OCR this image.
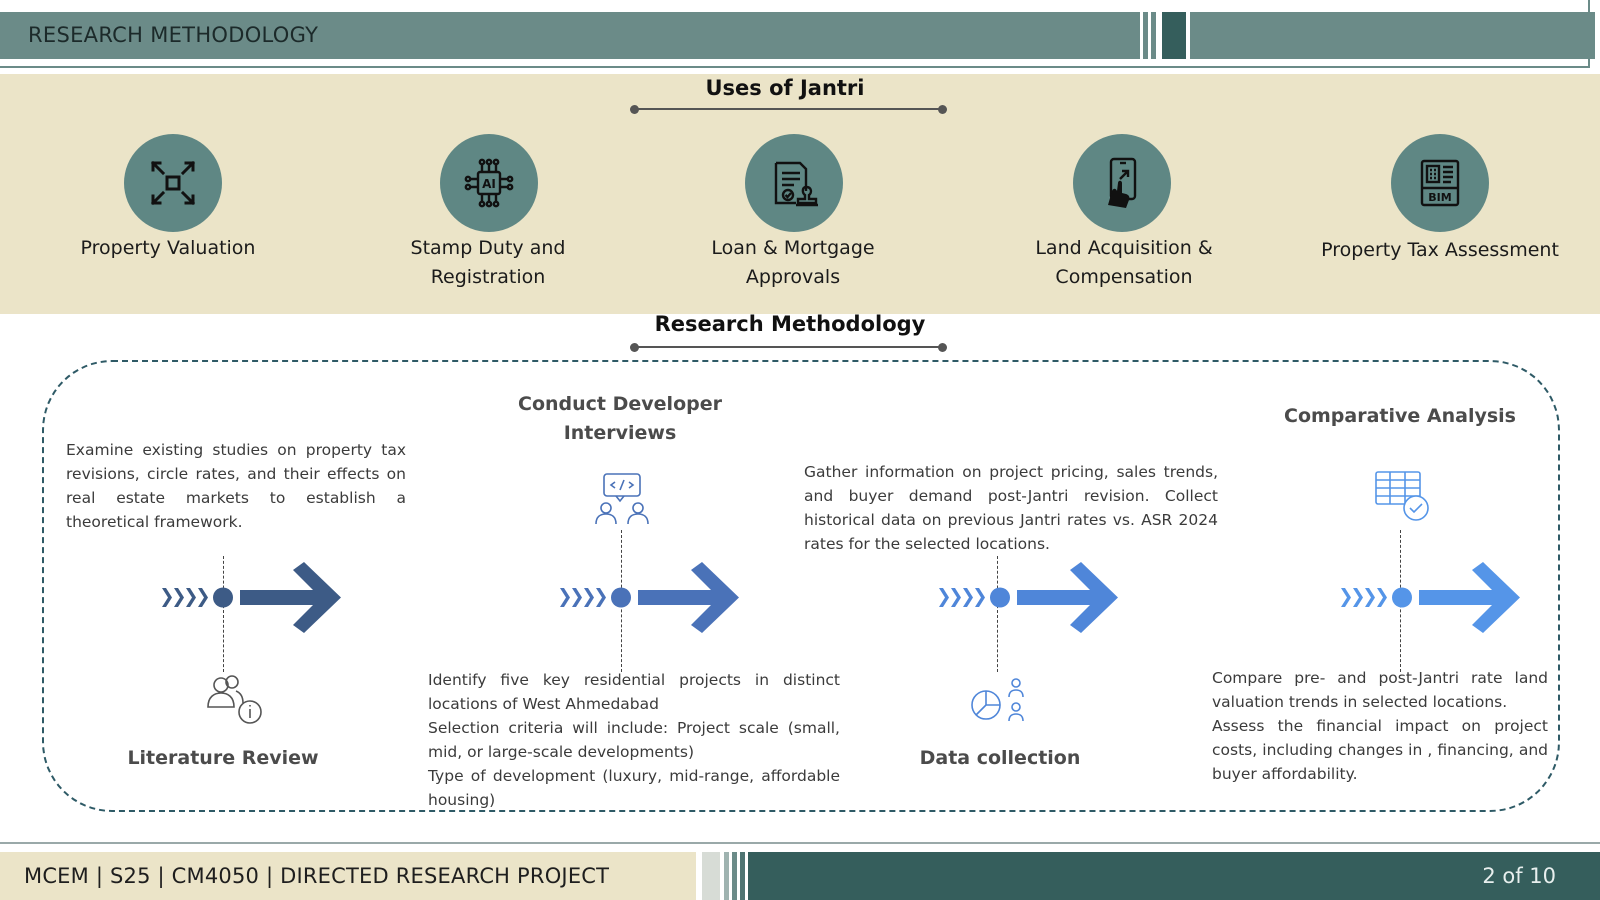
RESEARCH METHODOLOGY
Uses of Jantri
Property Valuation
AI
Stamp Duty and
Registration
Loan & Mortgage
Approvals
Land Acquisition &
Compensation
BIM
Property Tax Assessment
Research Methodology

Examine existing studies on property tax revisions, circle rates, and their effects on real estate markets to establish a theoretical framework.

Literature Review
Conduct Developer
Interviews

Identify five key residential projects in distinct locations of West Ahmedabad

Selection criteria will include: Project scale (small, mid, or large-scale developments)

Type of development (luxury, mid-range, affordable housing)

Gather information on project pricing, sales trends, and buyer demand post-Jantri revision. Collect historical data on previous Jantri rates vs. ASR 2024 rates for the selected locations.

Data collection
Comparative Analysis

Compare pre- and post-Jantri rate land valuation trends in selected locations.

Assess the financial impact on project costs, including changes in , financing, and buyer affordability.

MCEM | S25 | CM4050 | DIRECTED RESEARCH PROJECT	2 of 10
